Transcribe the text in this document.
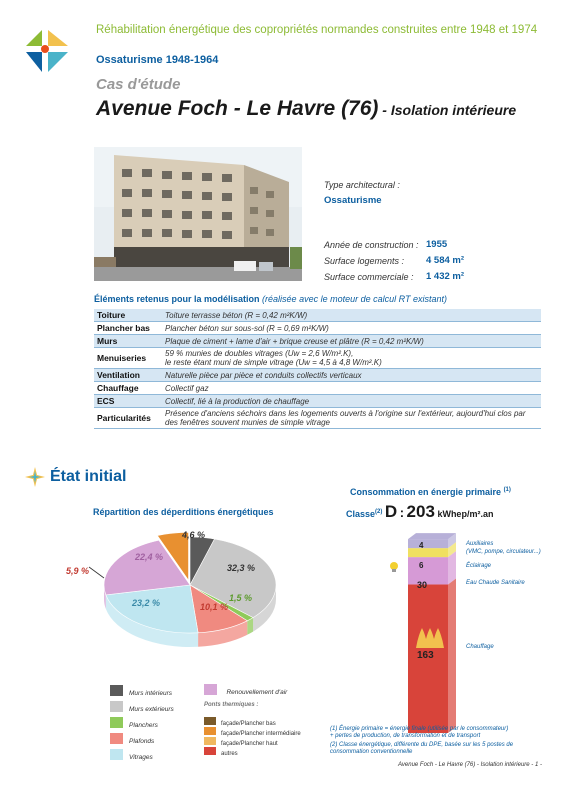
Réhabilitation énergétique des copropriétés normandes construites entre 1948 et 1974
Ossaturisme 1948-1964
Cas d'étude
Avenue Foch - Le Havre (76) - Isolation intérieure
Type architectural :
Ossaturisme
Année de construction : 1955
Surface logements : 4 584 m²
Surface commerciale : 1 432 m²
Éléments retenus pour la modélisation (réalisée avec le moteur de calcul RT existant)
Toiture	Toiture terrasse béton (R = 0,42 m²K/W)
Plancher bas	Plancher béton sur sous-sol (R = 0,69 m²K/W)
Murs	Plaque de ciment + lame d'air + brique creuse et plâtre (R = 0,42 m²K/W)
Menuiseries	59 % munies de doubles vitrages (Uw = 2,6 W/m².K),
le reste étant muni de simple vitrage (Uw = 4,5 à 4,8 W/m².K)

Ventilation	Naturelle pièce par pièce et conduits collectifs verticaux
Chauffage	Collectif gaz
ECS	Collectif, lié à la production de chauffage
Particularités	Présence d'anciens séchoirs dans les logements ouverts à l'origine sur l'extérieur, aujourd'hui clos par
des fenêtres souvent munies de simple vitrage
État initial
Répartition des déperditions énergétiques
4,6 %
32,3 %
1,5 %
10,1 %
23,2 %
22,4 %
5,9 %
Consommation en énergie primaire $^{(1)}$
Classe$^{(2)}$ D : 203 kWhep/m².an
4
6
30
163
Auxiliaires
(VMC, pompe, circulateur...)
Éclairage
Eau Chaude Sanitaire
Chauffage
Murs intérieurs
Murs extérieurs
Planchers
Plafonds
Vitrages
Renouvellement d'air
Ponts thermiques :
façade/Plancher bas
façade/Plancher intermédiaire
façade/Plancher haut
autres
(1) Énergie primaire = énergie finale (utilisée par le consommateur)
+ pertes de production, de transformation et de transport
(2) Classe énergétique, différente du DPE, basée sur les 5 postes de
consommation conventionnelle
Avenue Foch - Le Havre (76) - Isolation intérieure - 1 -
